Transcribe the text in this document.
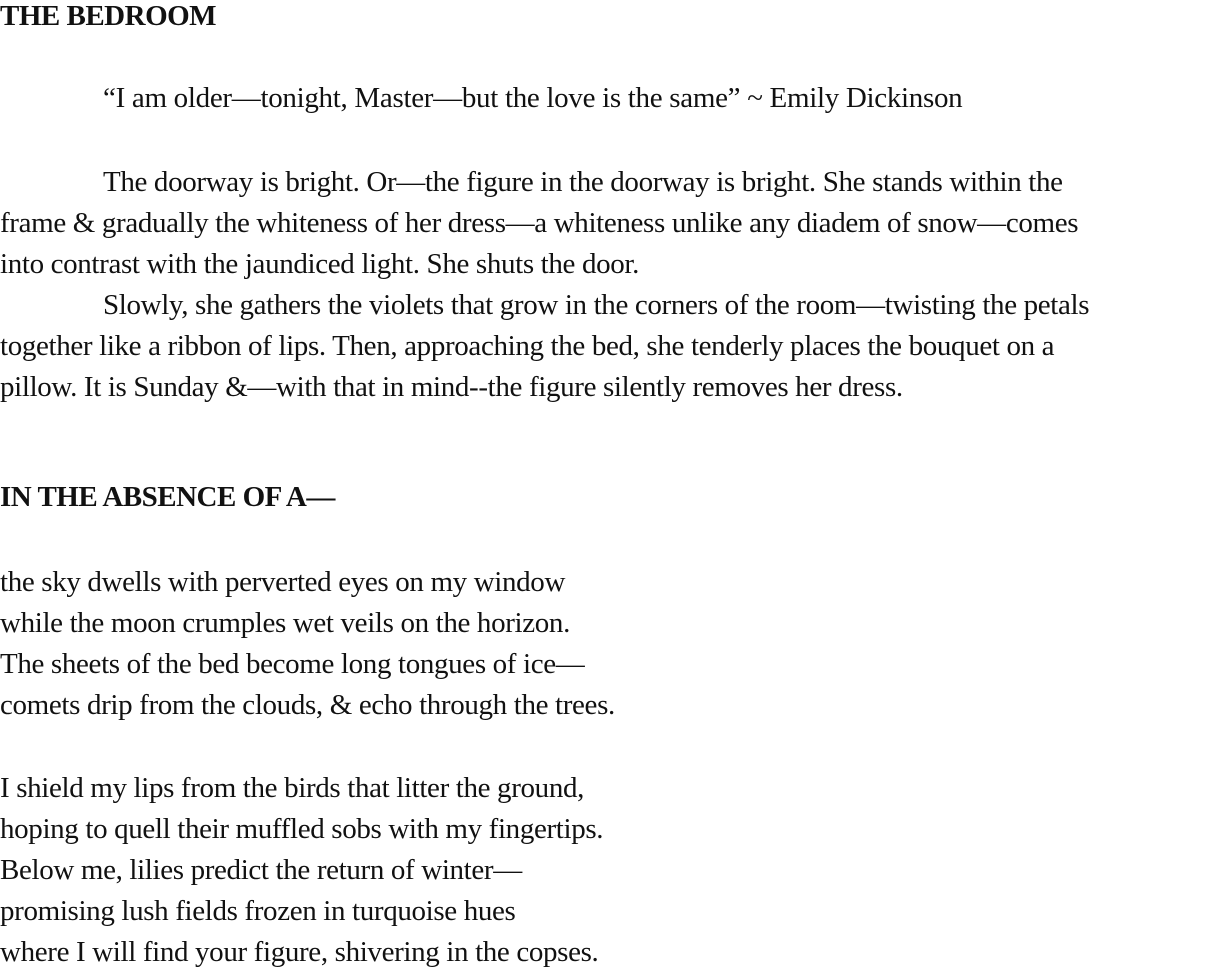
THE BEDROOM

“I am older—tonight, Master—but the love is the same” ~ Emily Dickinson

The doorway is bright. Or—the figure in the doorway is bright. She stands within the
frame & gradually the whiteness of her dress—a whiteness unlike any diadem of snow—comes
into contrast with the jaundiced light. She shuts the door.
Slowly, she gathers the violets that grow in the corners of the room—twisting the petals
together like a ribbon of lips. Then, approaching the bed, she tenderly places the bouquet on a
pillow. It is Sunday &—with that in mind--the figure silently removes her dress.
IN THE ABSENCE OF A—
the sky dwells with perverted eyes on my window
while the moon crumples wet veils on the horizon.
The sheets of the bed become long tongues of ice—
comets drip from the clouds, & echo through the trees.
I shield my lips from the birds that litter the ground,
hoping to quell their muffled sobs with my fingertips.
Below me, lilies predict the return of winter—
promising lush fields frozen in turquoise hues
where I will find your figure, shivering in the copses.
